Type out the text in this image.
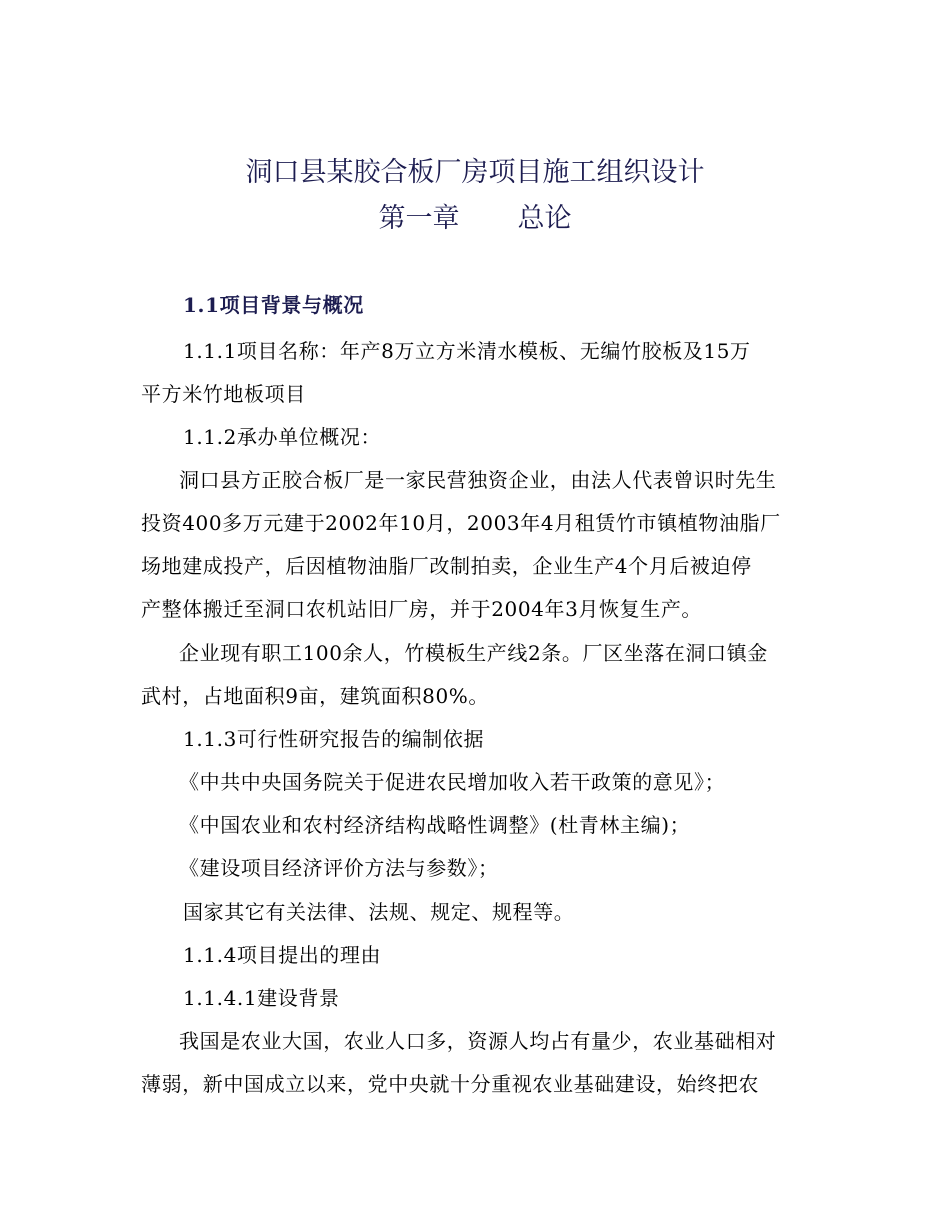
洞口县某胶合板厂房项目施工组织设计
第一章 总论
1.1项目背景与概况
1.1.1项目名称：年产8万立方米清水模板、无编竹胶板及15万
平方米竹地板项目
1.1.2承办单位概况：
洞口县方正胶合板厂是一家民营独资企业，由法人代表曾识时先生
投资400多万元建于2002年10月，2003年4月租赁竹市镇植物油脂厂
场地建成投产，后因植物油脂厂改制拍卖，企业生产4个月后被迫停
产整体搬迁至洞口农机站旧厂房，并于2004年3月恢复生产。
企业现有职工100余人，竹模板生产线2条。厂区坐落在洞口镇金
武村，占地面积9亩，建筑面积80%。
1.1.3可行性研究报告的编制依据
《中共中央国务院关于促进农民增加收入若干政策的意见》；
《中国农业和农村经济结构战略性调整》(杜青林主编)；
《建设项目经济评价方法与参数》；
国家其它有关法律、法规、规定、规程等。
1.1.4项目提出的理由
1.1.4.1建设背景
我国是农业大国，农业人口多，资源人均占有量少，农业基础相对
薄弱，新中国成立以来，党中央就十分重视农业基础建设，始终把农
